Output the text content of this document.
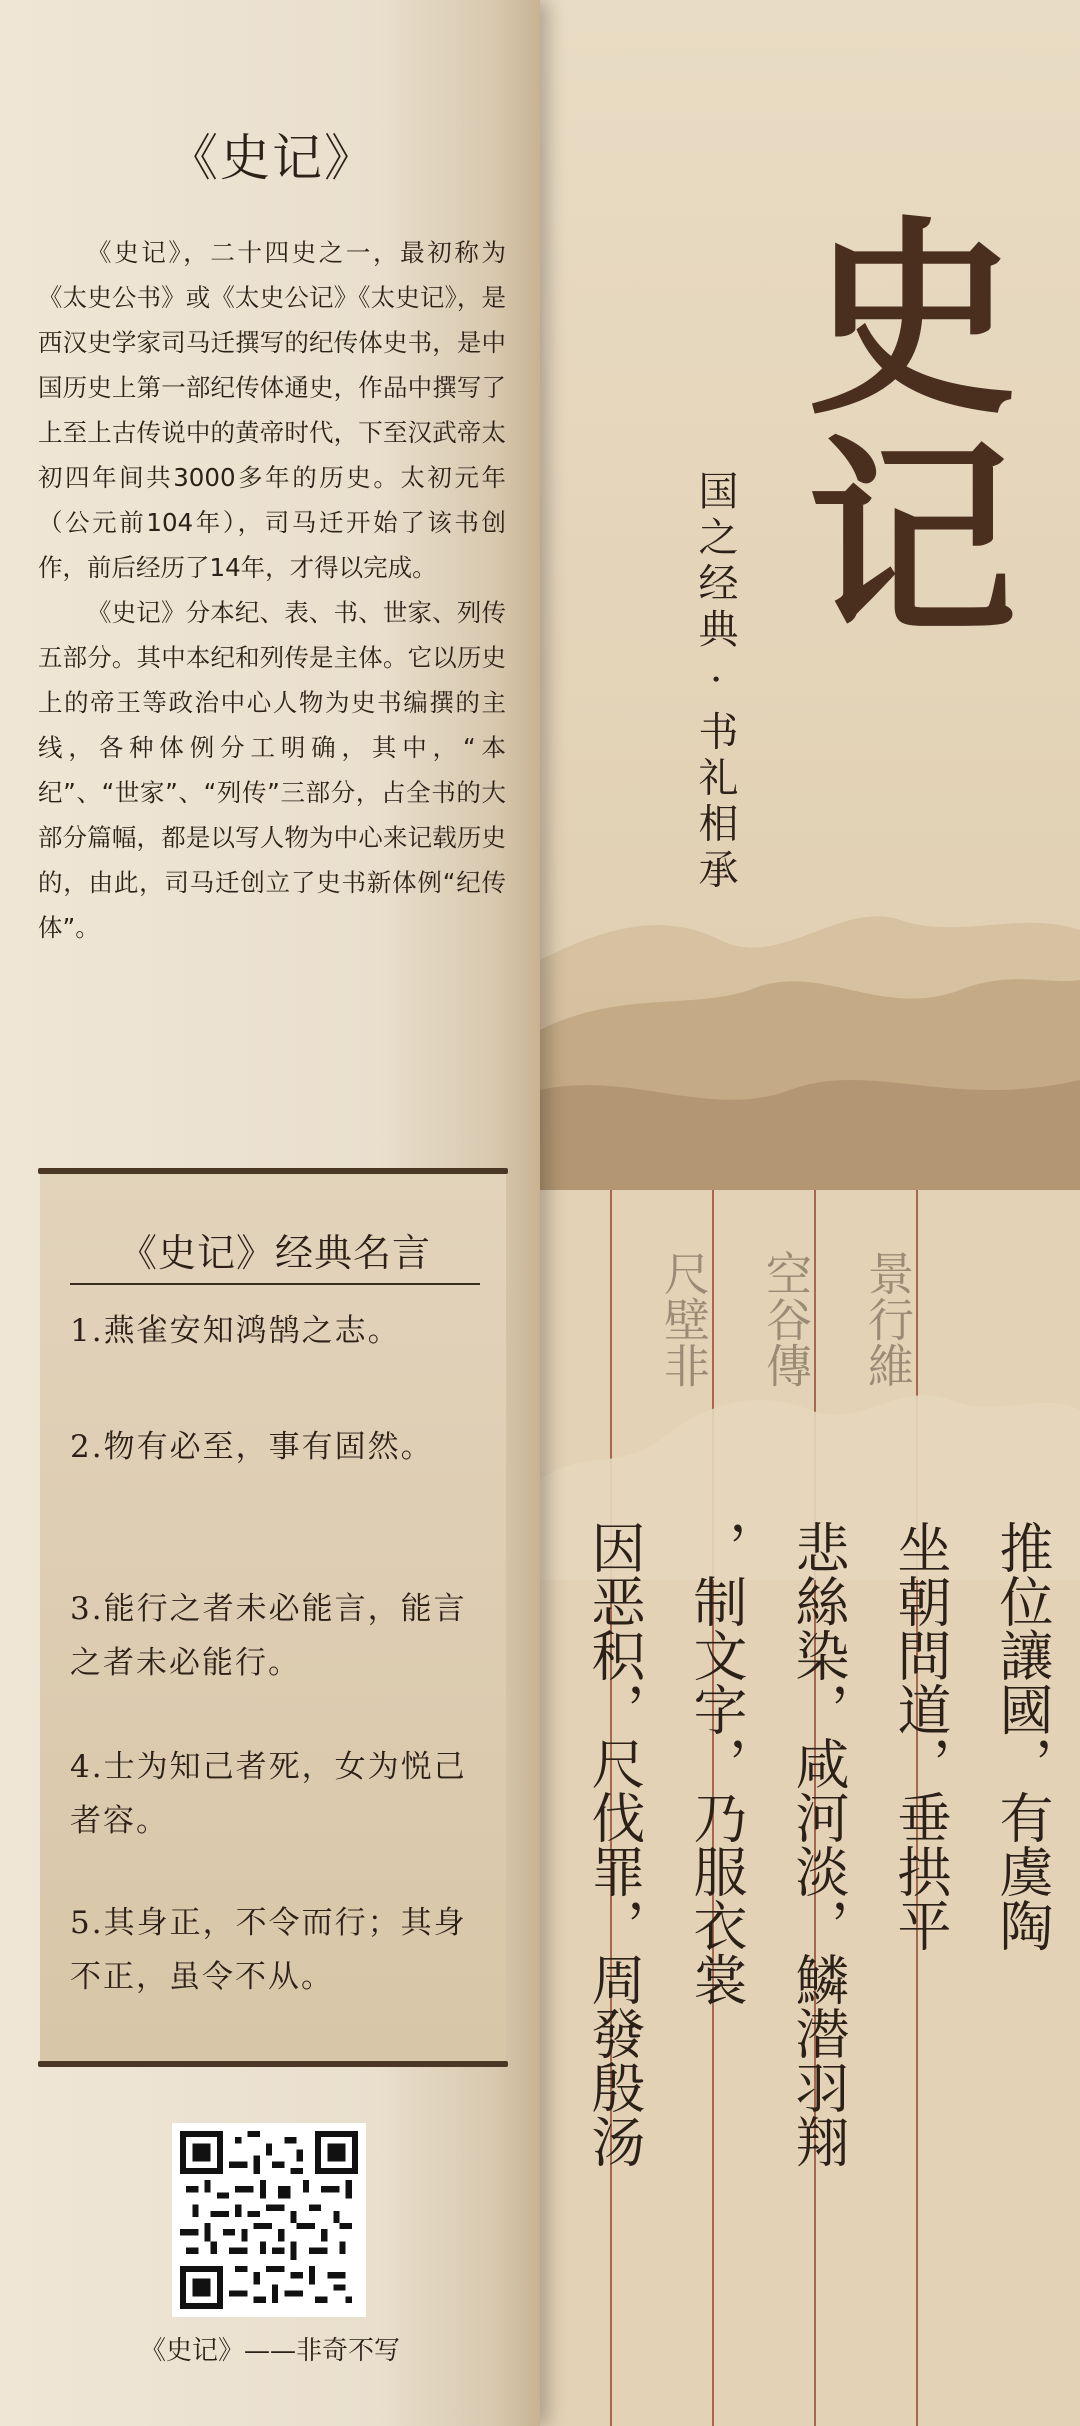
史
记
国之经典 · 书礼相承
尺壁非	空谷傳	景行維
因恶积，尺伐罪，周發殷汤 ，制文字，乃服衣裳 悲絲染，咸河淡，鱗潜羽翔 坐朝問道，垂拱平 推位讓國，有虞陶
《史记》

《史记》，二十四史之一，最初称为《太史公书》或《太史公记》《太史记》，是西汉史学家司马迁撰写的纪传体史书，是中国历史上第一部纪传体通史，作品中撰写了上至上古传说中的黄帝时代，下至汉武帝太初四年间共3000多年的历史。太初元年（公元前104年），司马迁开始了该书创作，前后经历了14年，才得以完成。

《史记》分本纪、表、书、世家、列传五部分。其中本纪和列传是主体。它以历史上的帝王等政治中心人物为史书编撰的主线，各种体例分工明确，其中，“本纪”、“世家”、“列传”三部分，占全书的大部分篇幅，都是以写人物为中心来记载历史的，由此，司马迁创立了史书新体例“纪传体”。

《史记》经典名言
1.燕雀安知鸿鹄之志。
2.物有必至，事有固然。
3.能行之者未必能言，能言之者未必能行。
4.士为知己者死，女为悦己者容。
5.其身正，不令而行；其身不正，虽令不从。
《史记》——非奇不写
